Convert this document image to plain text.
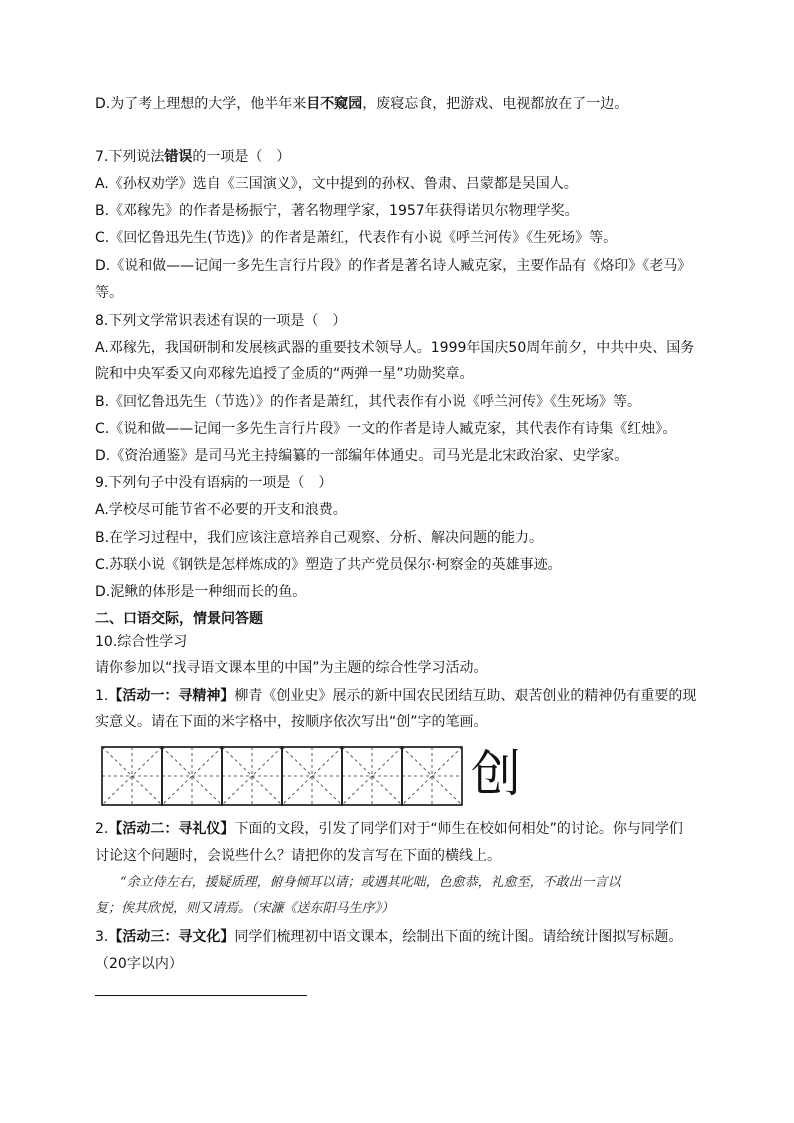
D.为了考上理想的大学，他半年来目不窥园，废寝忘食，把游戏、电视都放在了一边。
7.下列说法错误的一项是（　）
A.《孙权劝学》选自《三国演义》，文中提到的孙权、鲁肃、吕蒙都是吴国人。
B.《邓稼先》的作者是杨振宁，著名物理学家，1957年获得诺贝尔物理学奖。
C.《回忆鲁迅先生(节选)》的作者是萧红，代表作有小说《呼兰河传》《生死场》等。
D.《说和做——记闻一多先生言行片段》的作者是著名诗人臧克家，主要作品有《烙印》《老马》
等。
8.下列文学常识表述有误的一项是（　）
A.邓稼先，我国研制和发展核武器的重要技术领导人。1999年国庆50周年前夕，中共中央、国务
院和中央军委又向邓稼先追授了金质的“两弹一星”功勋奖章。
B.《回忆鲁迅先生（节选）》的作者是萧红，其代表作有小说《呼兰河传》《生死场》等。
C.《说和做——记闻一多先生言行片段》一文的作者是诗人臧克家，其代表作有诗集《红烛》。
D.《资治通鉴》是司马光主持编纂的一部编年体通史。司马光是北宋政治家、史学家。
9.下列句子中没有语病的一项是（　）
A.学校尽可能节省不必要的开支和浪费。
B.在学习过程中，我们应该注意培养自己观察、分析、解决问题的能力。
C.苏联小说《钢铁是怎样炼成的》塑造了共产党员保尔·柯察金的英雄事迹。
D.泥鳅的体形是一种细而长的鱼。
二、口语交际，情景问答题
10.综合性学习
请你参加以“找寻语文课本里的中国”为主题的综合性学习活动。
1.【活动一：寻精神】柳青《创业史》展示的新中国农民团结互助、艰苦创业的精神仍有重要的现
实意义。请在下面的米字格中，按顺序依次写出“创”字的笔画。
创
2.【活动二：寻礼仪】下面的文段，引发了同学们对于“师生在校如何相处”的讨论。你与同学们
讨论这个问题时，会说些什么？请把你的发言写在下面的横线上。
“余立侍左右，援疑质理，俯身倾耳以请；或遇其叱咄，色愈恭，礼愈至，不敢出一言以
复；俟其欣悦，则又请焉。（宋濂《送东阳马生序》）
3.【活动三：寻文化】同学们梳理初中语文课本，绘制出下面的统计图。请给统计图拟写标题。
（20字以内）
